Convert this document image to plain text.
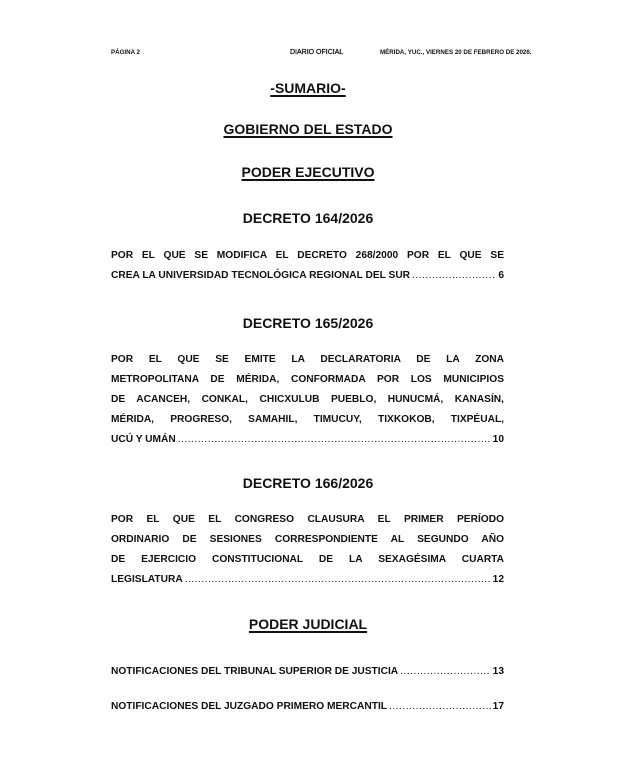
PÁGINA 2	DIARIO OFICIAL	MÉRIDA, YUC., VIERNES 20 DE FEBRERO DE 2026.
-SUMARIO-
GOBIERNO DEL ESTADO
PODER EJECUTIVO
DECRETO 164/2026
POR EL QUE SE MODIFICA EL DECRETO 268/2000 POR EL QUE SE
CREA LA UNIVERSIDAD TECNOLÓGICA REGIONAL DEL SUR .....	6
DECRETO 165/2026
POR EL QUE SE EMITE LA DECLARATORIA DE LA ZONA
METROPOLITANA DE MÉRIDA, CONFORMADA POR LOS MUNICIPIOS
DE ACANCEH, CONKAL, CHICXULUB PUEBLO, HUNUCMÁ, KANASÍN,
MÉRIDA, PROGRESO, SAMAHIL, TIMUCUY, TIXKOKOB, TIXPÉUAL,
UCÚ Y UMÁN .....	10
DECRETO 166/2026
POR EL QUE EL CONGRESO CLAUSURA EL PRIMER PERÍODO
ORDINARIO DE SESIONES CORRESPONDIENTE AL SEGUNDO AÑO
DE EJERCICIO CONSTITUCIONAL DE LA SEXAGÉSIMA CUARTA
LEGISLATURA .....	12
PODER JUDICIAL
NOTIFICACIONES DEL TRIBUNAL SUPERIOR DE JUSTICIA .....	13
NOTIFICACIONES DEL JUZGADO PRIMERO MERCANTIL .....	17
